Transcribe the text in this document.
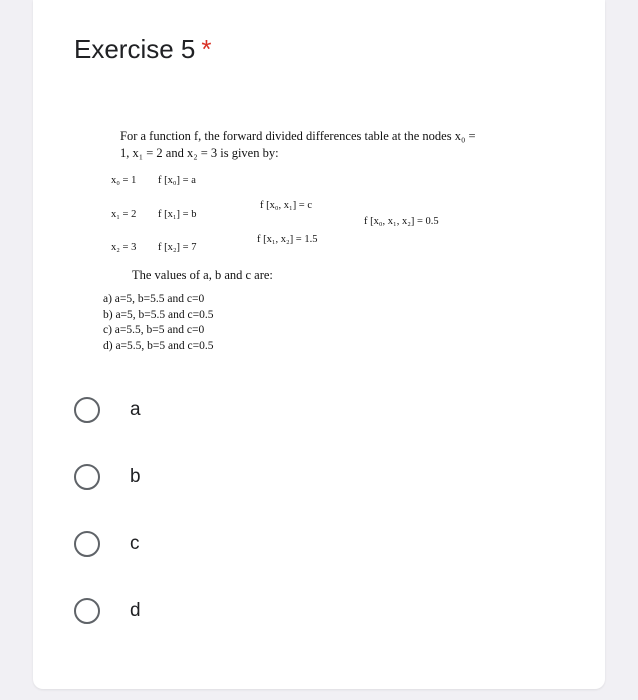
Exercise 5 *
For a function f, the forward divided differences table at the nodes x₀ =
1, x₁ = 2 and x₂ = 3 is given by:
x₀ = 1 f [x₀] = a
x₁ = 2 f [x₁] = b
x₂ = 3 f [x₂] = 7
f [x₀, x₁] = c
f [x₁, x₂] = 1.5
f [x₀, x₁, x₂] = 0.5
The values of a, b and c are:
a) a=5, b=5.5 and c=0
b) a=5, b=5.5 and c=0.5
c) a=5.5, b=5 and c=0
d) a=5.5, b=5 and c=0.5
a
b
c
d
